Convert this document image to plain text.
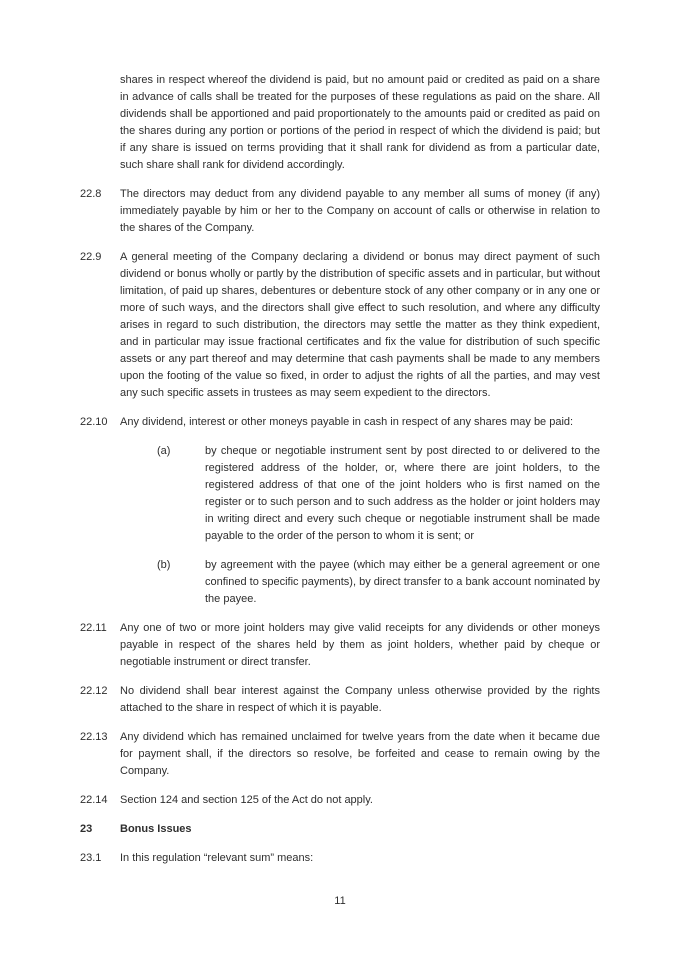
shares in respect whereof the dividend is paid, but no amount paid or credited as paid on a share in advance of calls shall be treated for the purposes of these regulations as paid on the share. All dividends shall be apportioned and paid proportionately to the amounts paid or credited as paid on the shares during any portion or portions of the period in respect of which the dividend is paid; but if any share is issued on terms providing that it shall rank for dividend as from a particular date, such share shall rank for dividend accordingly.

22.8	The directors may deduct from any dividend payable to any member all sums of money (if any) immediately payable by him or her to the Company on account of calls or otherwise in relation to the shares of the Company.

22.9	A general meeting of the Company declaring a dividend or bonus may direct payment of such dividend or bonus wholly or partly by the distribution of specific assets and in particular, but without limitation, of paid up shares, debentures or debenture stock of any other company or in any one or more of such ways, and the directors shall give effect to such resolution, and where any difficulty arises in regard to such distribution, the directors may settle the matter as they think expedient, and in particular may issue fractional certificates and fix the value for distribution of such specific assets or any part thereof and may determine that cash payments shall be made to any members upon the footing of the value so fixed, in order to adjust the rights of all the parties, and may vest any such specific assets in trustees as may seem expedient to the directors.

22.10	Any dividend, interest or other moneys payable in cash in respect of any shares may be paid:

(a)	by cheque or negotiable instrument sent by post directed to or delivered to the registered address of the holder, or, where there are joint holders, to the registered address of that one of the joint holders who is first named on the register or to such person and to such address as the holder or joint holders may in writing direct and every such cheque or negotiable instrument shall be made payable to the order of the person to whom it is sent; or

(b)	by agreement with the payee (which may either be a general agreement or one confined to specific payments), by direct transfer to a bank account nominated by the payee.

22.11	Any one of two or more joint holders may give valid receipts for any dividends or other moneys payable in respect of the shares held by them as joint holders, whether paid by cheque or negotiable instrument or direct transfer.

22.12	No dividend shall bear interest against the Company unless otherwise provided by the rights attached to the share in respect of which it is payable.

22.13	Any dividend which has remained unclaimed for twelve years from the date when it became due for payment shall, if the directors so resolve, be forfeited and cease to remain owing by the Company.

22.14	Section 124 and section 125 of the Act do not apply.

23	Bonus Issues

23.1	In this regulation “relevant sum” means:

11
